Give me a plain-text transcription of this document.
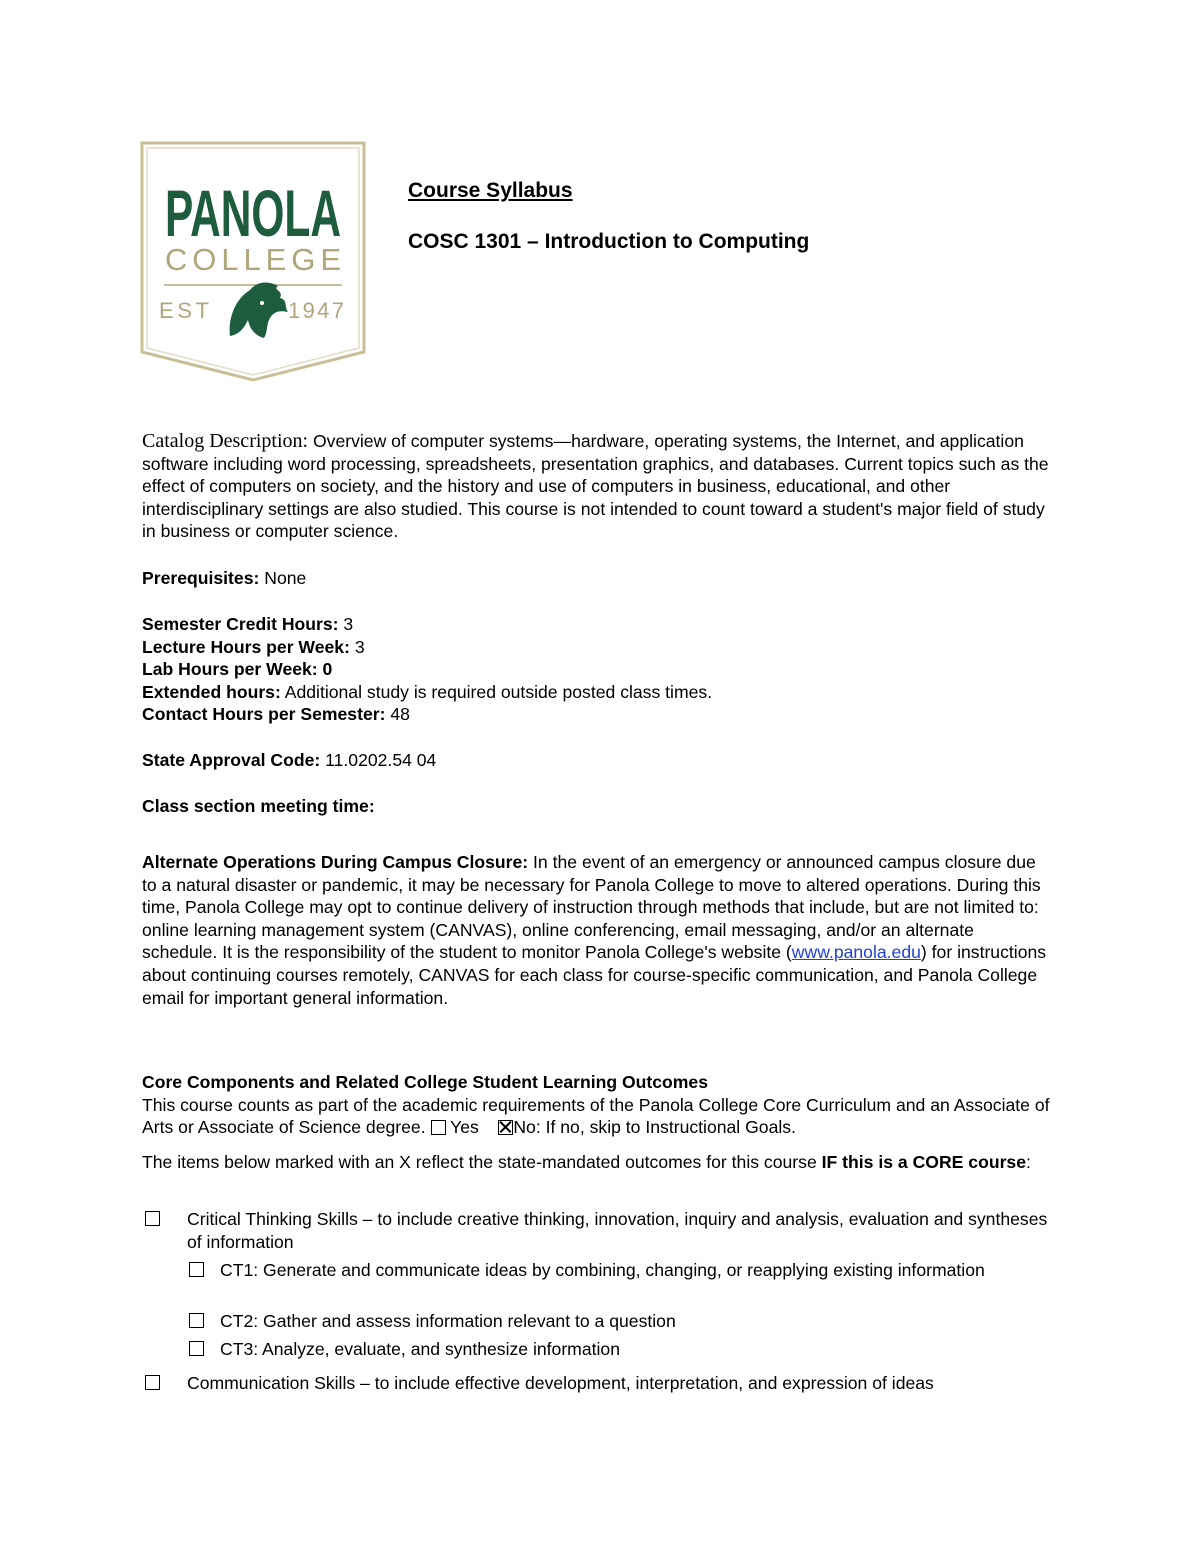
PANOLA
COLLEGE
EST	1947
Course Syllabus
COSC 1301 – Introduction to Computing

Catalog Description: Overview of computer systems—hardware, operating systems, the Internet, and application software including word processing, spreadsheets, presentation graphics, and databases. Current topics such as the effect of computers on society, and the history and use of computers in business, educational, and other interdisciplinary settings are also studied. This course is not intended to count toward a student's major field of study in business or computer science.

Prerequisites: None
Semester Credit Hours: 3
Lecture Hours per Week: 3
Lab Hours per Week: 0
Extended hours: Additional study is required outside posted class times.
Contact Hours per Semester: 48
State Approval Code: 11.0202.54 04
Class section meeting time:

Alternate Operations During Campus Closure: In the event of an emergency or announced campus closure due to a natural disaster or pandemic, it may be necessary for Panola College to move to altered operations. During this time, Panola College may opt to continue delivery of instruction through methods that include, but are not limited to: online learning management system (CANVAS), online conferencing, email messaging, and/or an alternate schedule. It is the responsibility of the student to monitor Panola College's website (www.panola.edu) for instructions about continuing courses remotely, CANVAS for each class for course-specific communication, and Panola College email for important general information.

Core Components and Related College Student Learning Outcomes
This course counts as part of the academic requirements of the Panola College Core Curriculum and an Associate of Arts or Associate of Science degree. Yes No: If no, skip to Instructional Goals.
The items below marked with an X reflect the state-mandated outcomes for this course IF this is a CORE course:
Critical Thinking Skills – to include creative thinking, innovation, inquiry and analysis, evaluation and syntheses of information
CT1: Generate and communicate ideas by combining, changing, or reapplying existing information
CT2: Gather and assess information relevant to a question
CT3: Analyze, evaluate, and synthesize information
Communication Skills – to include effective development, interpretation, and expression of ideas
